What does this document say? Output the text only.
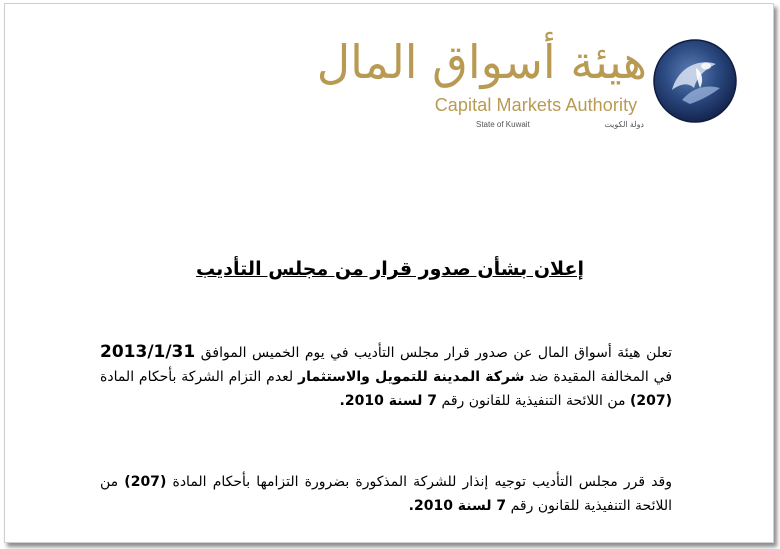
هيئة أسواق المال
Capital Markets Authority
State of Kuwait	دولة الكويت
إعلان بشأن صدور قرار من مجلس التأديب
تعلن هيئة أسواق المال عن صدور قرار مجلس التأديب في يوم الخميس الموافق 2013/1/31 في المخالفة المقيدة ضد شركة المدينة للتمويل والاستثمار لعدم التزام الشركة بأحكام المادة (207) من اللائحة التنفيذية للقانون رقم 7 لسنة 2010.
وقد قرر مجلس التأديب توجيه إنذار للشركة المذكورة بضرورة التزامها بأحكام المادة (207) من اللائحة التنفيذية للقانون رقم 7 لسنة 2010.
